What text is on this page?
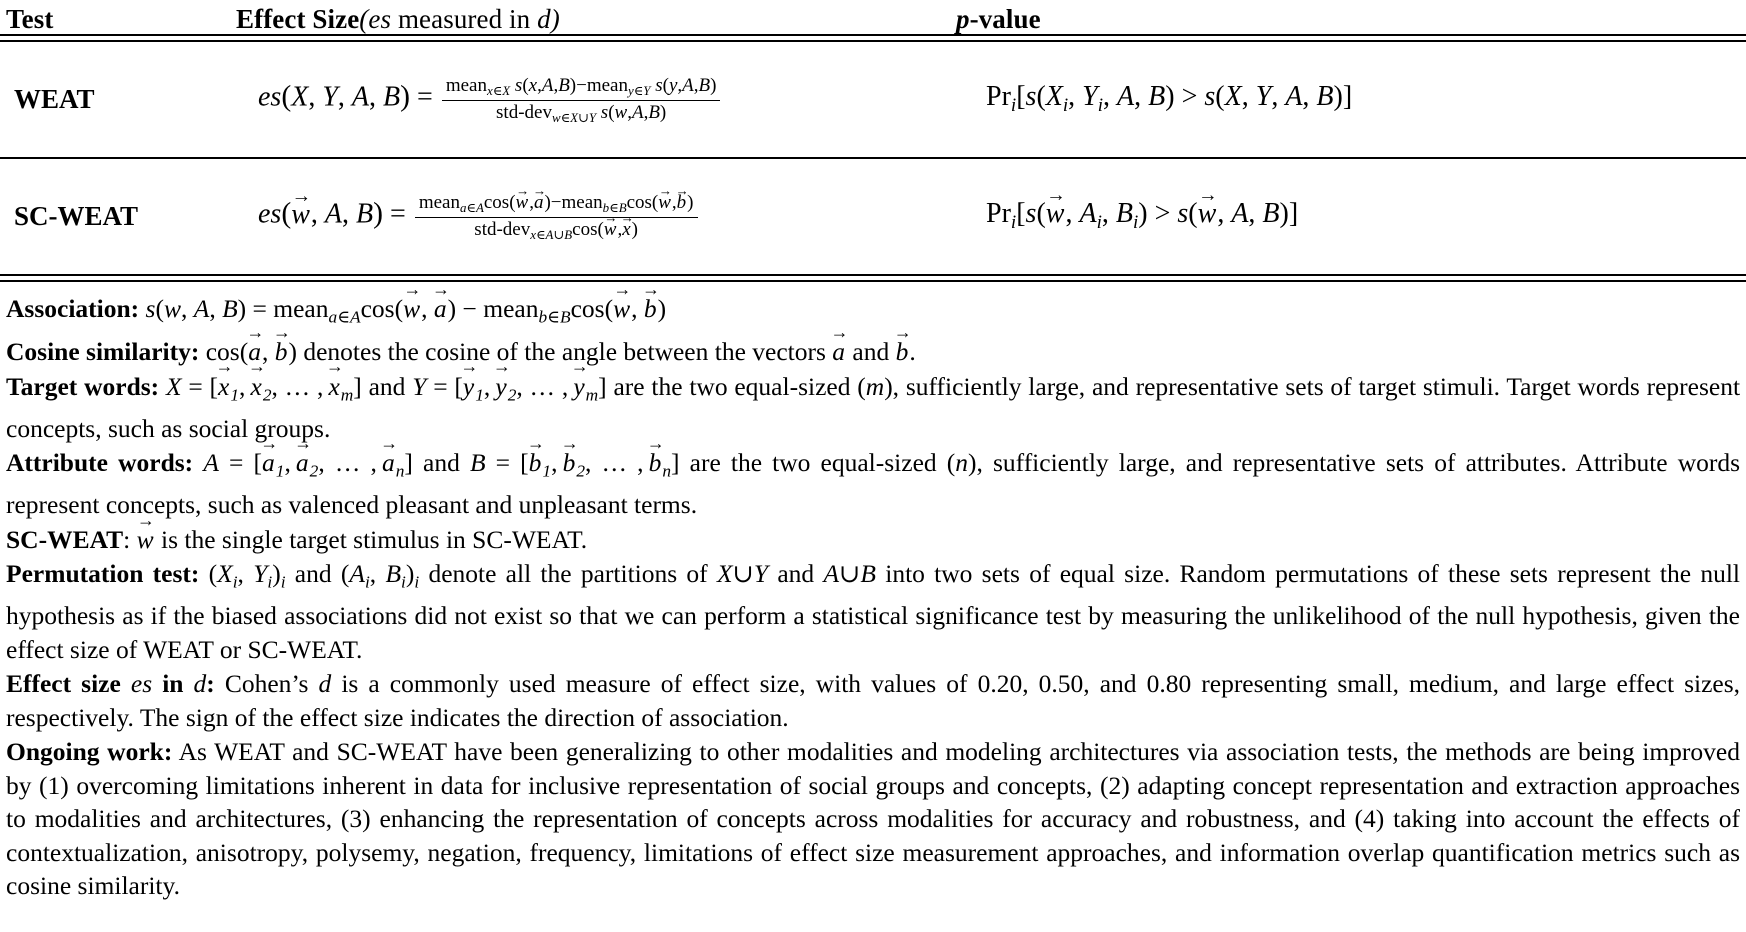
Test	Effect Size(es measured in d)	p-value
WEAT	es(X, Y, A, $B) = \frac{mean_{x\in X} s(x,A,B)-mean_{y\in Y} s(y,A,B)}{std-dev_{w\in X\cup Y} s(w,A,B)}$	$Pr_i[s(X_i$, $Y_i$, A, B) > s(X, Y, A, B)]
SC-WEAT	es(w →, A, $B) = \frac{mean_{a\in A}\cos(w \to,a \to)-mean_{b\in B}\cos(w \to,b \to)}{std-dev_{x\in A\cup B}\cos(w \to,x \to)}$	$Pr_i[s(w$ →, $A_i$, $B_i) > s(w$ →, A, B)]

Association: s(w, A, B) = mean$_{a\in A}$cos(w →, a →) − mean$_{b\in B}$cos(w →, b →)

Cosine similarity: cos(a →, b →) denotes the cosine of the angle between the vectors a → and b →.

Target words: $X = [x \to_1$, $x \to_2$, … , $x \to_m$] and $Y = [y \to_1$, $y \to_2$, … , $y \to_m$] are the two equal-sized (m), sufficiently large, and representative sets of target stimuli. Target words represent concepts, such as social groups.

Attribute words: $A = [a \to_1$, $a \to_2$, … , $a \to_n$] and $B = [b \to_1$, $b \to_2$, … , $b \to_n$] are the two equal-sized (n), sufficiently large, and representative sets of attributes. Attribute words represent concepts, such as valenced pleasant and unpleasant terms.

SC-WEAT: w → is the single target stimulus in SC-WEAT.

Permutation test: ($X_i$, $Y_i)_i$ and ($A_i$, $B_i)_i$ denote all the partitions of X∪Y and A∪B into two sets of equal size. Random permutations of these sets represent the null hypothesis as if the biased associations did not exist so that we can perform a statistical significance test by measuring the unlikelihood of the null hypothesis, given the effect size of WEAT or SC-WEAT.

Effect size es in d: Cohen’s d is a commonly used measure of effect size, with values of 0.20, 0.50, and 0.80 representing small, medium, and large effect sizes, respectively. The sign of the effect size indicates the direction of association.

Ongoing work: As WEAT and SC-WEAT have been generalizing to other modalities and modeling architectures via association tests, the methods are being improved by (1) overcoming limitations inherent in data for inclusive representation of social groups and concepts, (2) adapting concept representation and extraction approaches to modalities and architectures, (3) enhancing the representation of concepts across modalities for accuracy and robustness, and (4) taking into account the effects of contextualization, anisotropy, polysemy, negation, frequency, limitations of effect size measurement approaches, and information overlap quantification metrics such as cosine similarity.
